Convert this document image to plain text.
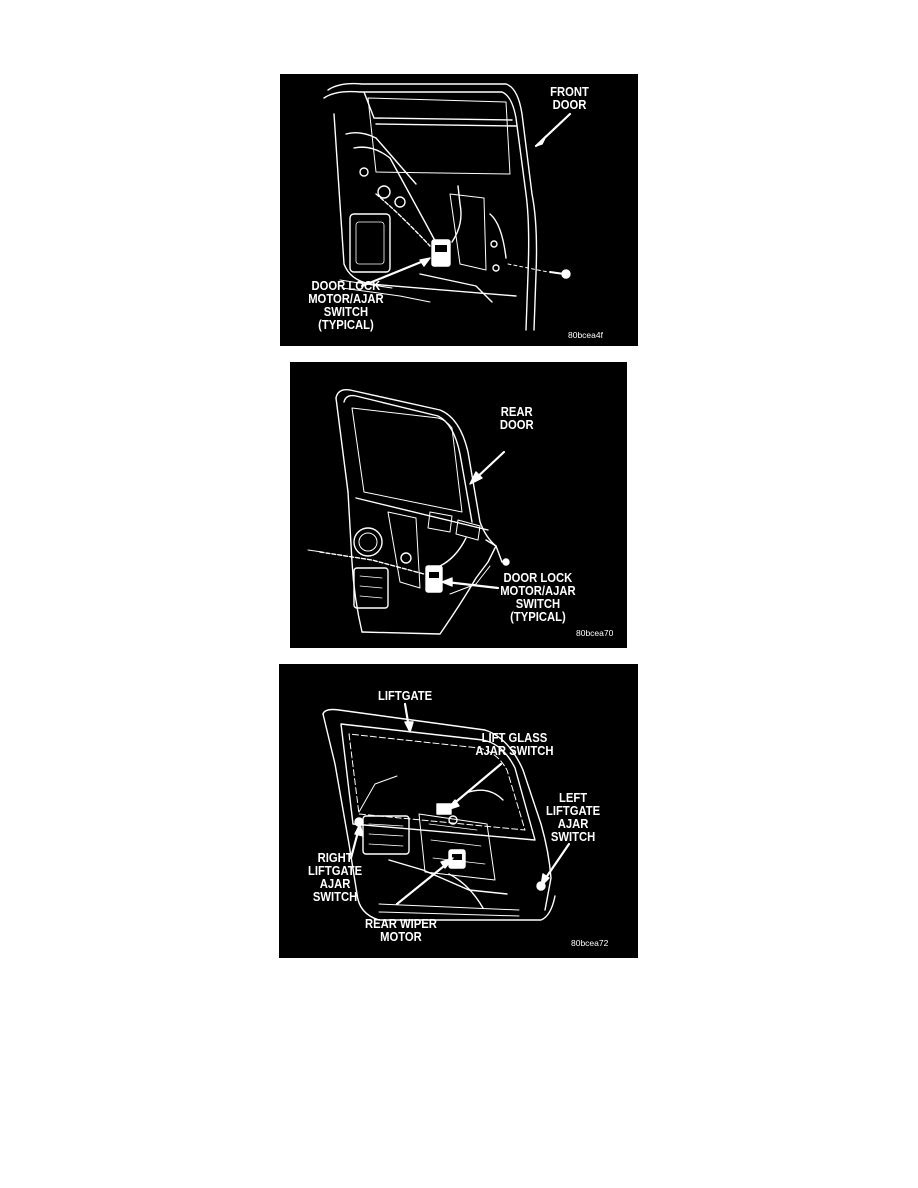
FRONT
DOOR
DOOR LOCK
MOTOR/AJAR
SWITCH
(TYPICAL)
80bcea4f
REAR
DOOR
DOOR LOCK
MOTOR/AJAR
SWITCH
(TYPICAL)
80bcea70
LIFTGATE
LIFT GLASS
AJAR SWITCH
LEFT
LIFTGATE
AJAR
SWITCH
RIGHT
LIFTGATE
AJAR
SWITCH
REAR WIPER
MOTOR	80bcea72
